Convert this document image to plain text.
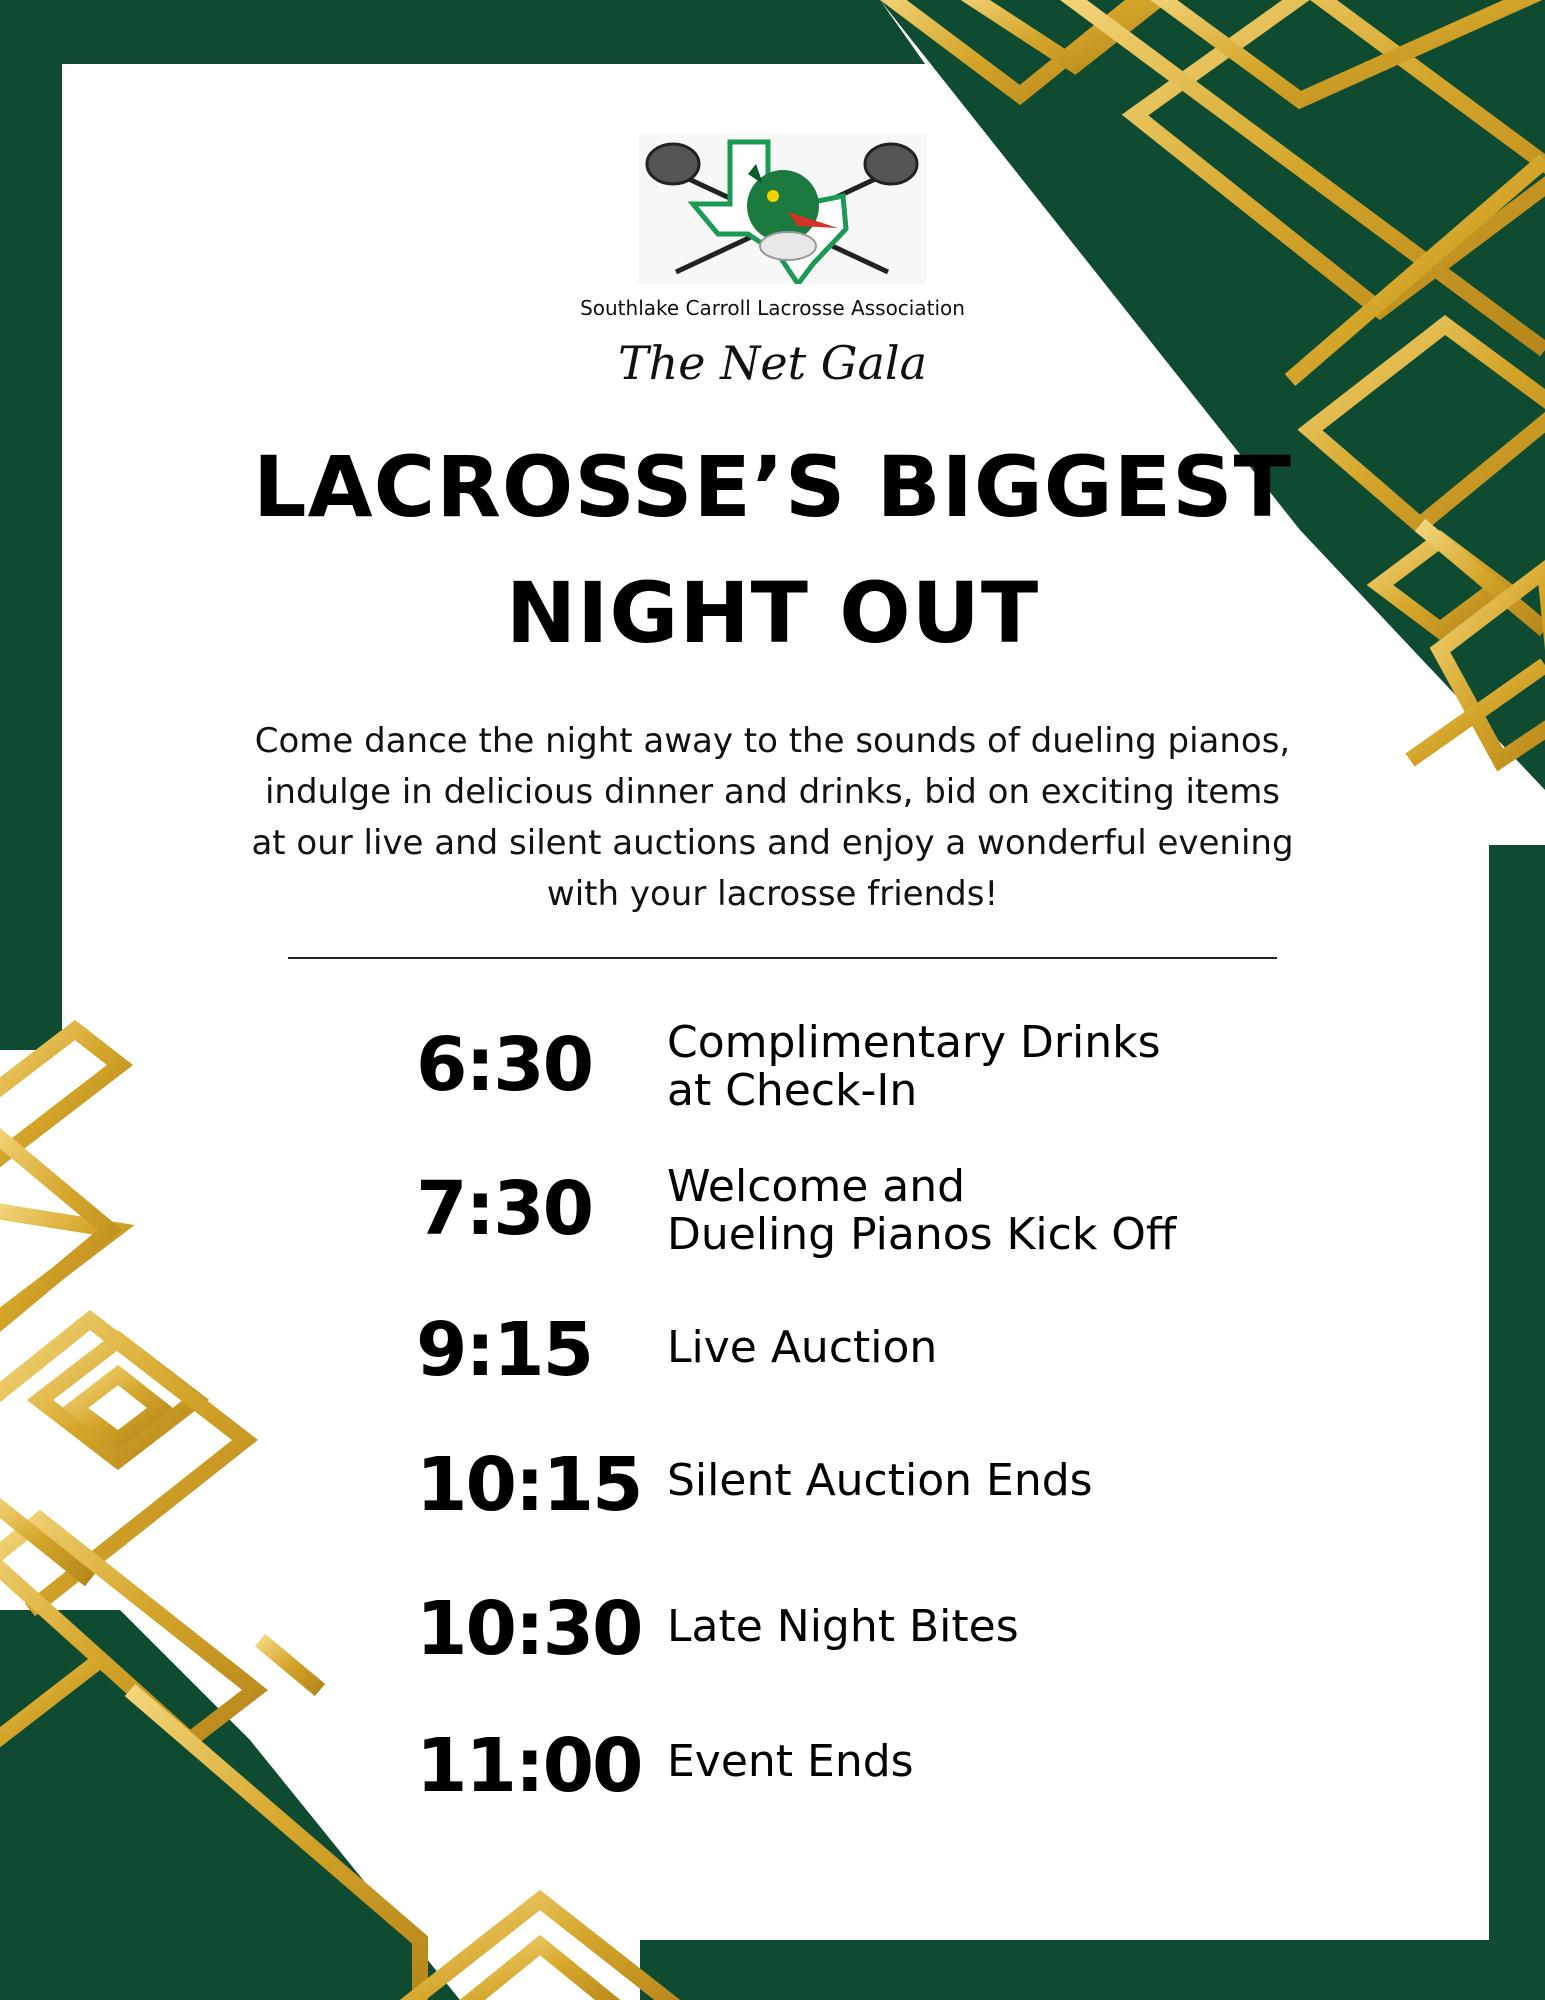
Southlake Carroll Lacrosse Association
The Net Gala
LACROSSE’S BIGGEST
NIGHT OUT
Come dance the night away to the sounds of dueling pianos,
indulge in delicious dinner and drinks, bid on exciting items
at our live and silent auctions and enjoy a wonderful evening
with your lacrosse friends!
6:30 Complimentary Drinks
at Check-In
7:30 Welcome and
Dueling Pianos Kick Off
9:15 Live Auction
10:15 Silent Auction Ends
10:30 Late Night Bites
11:00 Event Ends
